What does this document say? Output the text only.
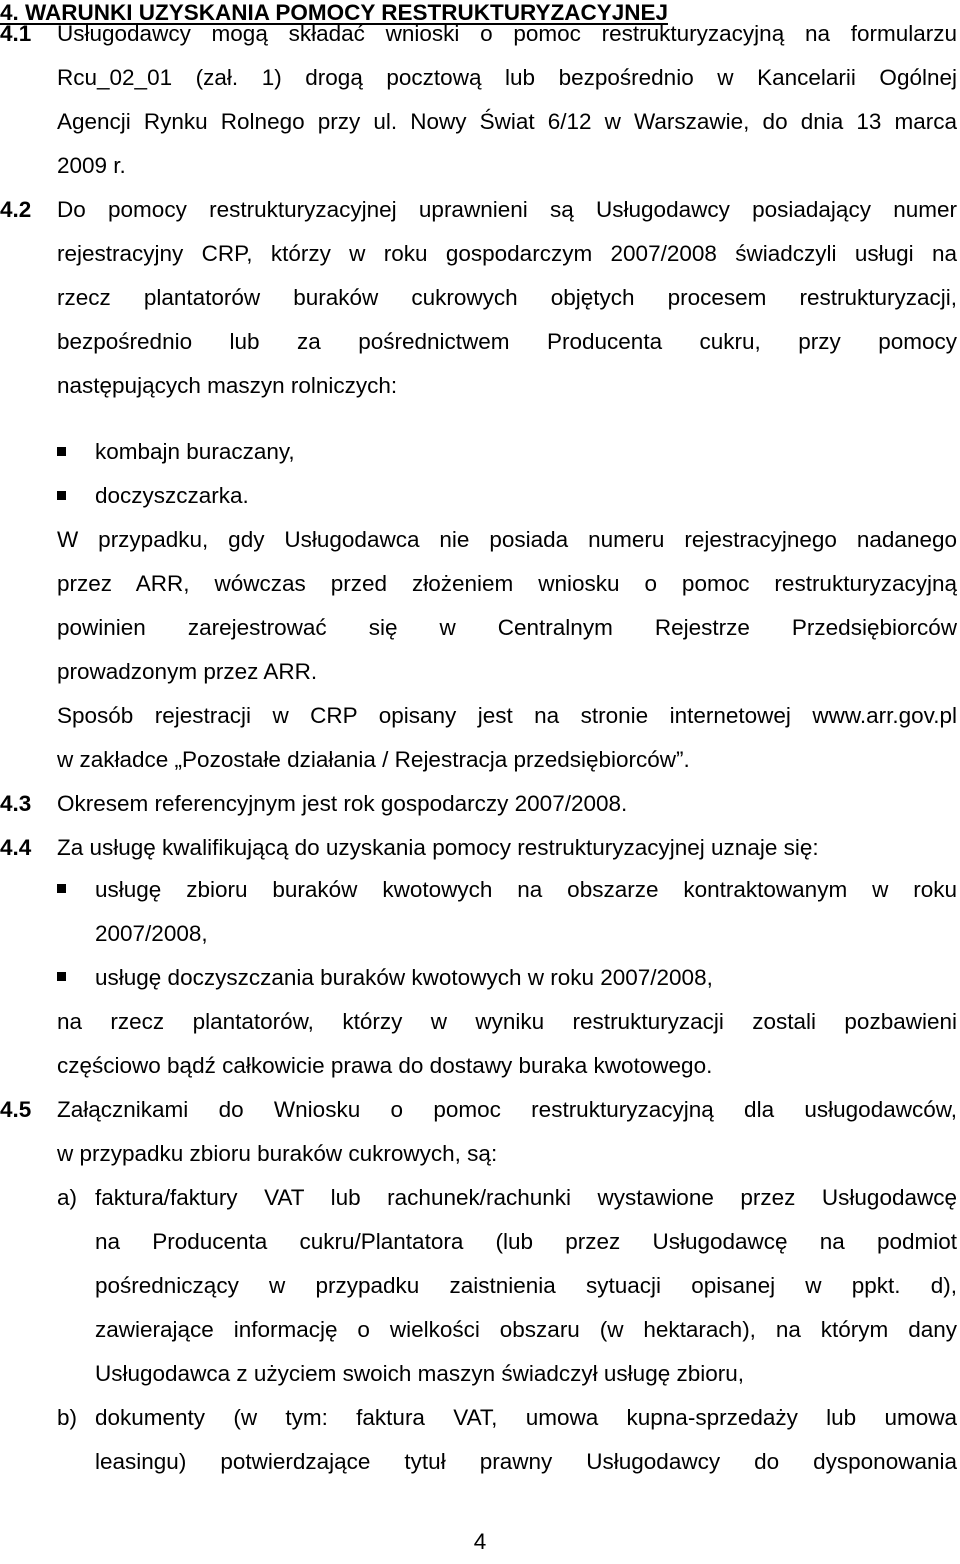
4. WARUNKI UZYSKANIA POMOCY RESTRUKTURYZACYJNEJ
4.1 Usługodawcy mogą składać wnioski o pomoc restrukturyzacyjną na formularzu
Rcu_02_01 (zał. 1) drogą pocztową lub bezpośrednio w Kancelarii Ogólnej
Agencji Rynku Rolnego przy ul. Nowy Świat 6/12 w Warszawie, do dnia 13 marca
2009 r.
4.2 Do pomocy restrukturyzacyjnej uprawnieni są Usługodawcy posiadający numer
rejestracyjny CRP, którzy w roku gospodarczym 2007/2008 świadczyli usługi na
rzecz plantatorów buraków cukrowych objętych procesem restrukturyzacji,
bezpośrednio lub za pośrednictwem Producenta cukru, przy pomocy
następujących maszyn rolniczych:
kombajn buraczany,
doczyszczarka.
W przypadku, gdy Usługodawca nie posiada numeru rejestracyjnego nadanego
przez ARR, wówczas przed złożeniem wniosku o pomoc restrukturyzacyjną
powinien zarejestrować się w Centralnym Rejestrze Przedsiębiorców
prowadzonym przez ARR.
Sposób rejestracji w CRP opisany jest na stronie internetowej www.arr.gov.pl
w zakładce „Pozostałe działania / Rejestracja przedsiębiorców”.
4.3 Okresem referencyjnym jest rok gospodarczy 2007/2008.
4.4 Za usługę kwalifikującą do uzyskania pomocy restrukturyzacyjnej uznaje się:
usługę zbioru buraków kwotowych na obszarze kontraktowanym w roku
2007/2008,
usługę doczyszczania buraków kwotowych w roku 2007/2008,
na rzecz plantatorów, którzy w wyniku restrukturyzacji zostali pozbawieni
częściowo bądź całkowicie prawa do dostawy buraka kwotowego.
4.5 Załącznikami do Wniosku o pomoc restrukturyzacyjną dla usługodawców,
w przypadku zbioru buraków cukrowych, są:
a) faktura/faktury VAT lub rachunek/rachunki wystawione przez Usługodawcę
na Producenta cukru/Plantatora (lub przez Usługodawcę na podmiot
pośredniczący w przypadku zaistnienia sytuacji opisanej w ppkt. d),
zawierające informację o wielkości obszaru (w hektarach), na którym dany
Usługodawca z użyciem swoich maszyn świadczył usługę zbioru,
b) dokumenty (w tym: faktura VAT, umowa kupna-sprzedaży lub umowa
leasingu) potwierdzające tytuł prawny Usługodawcy do dysponowania
4
